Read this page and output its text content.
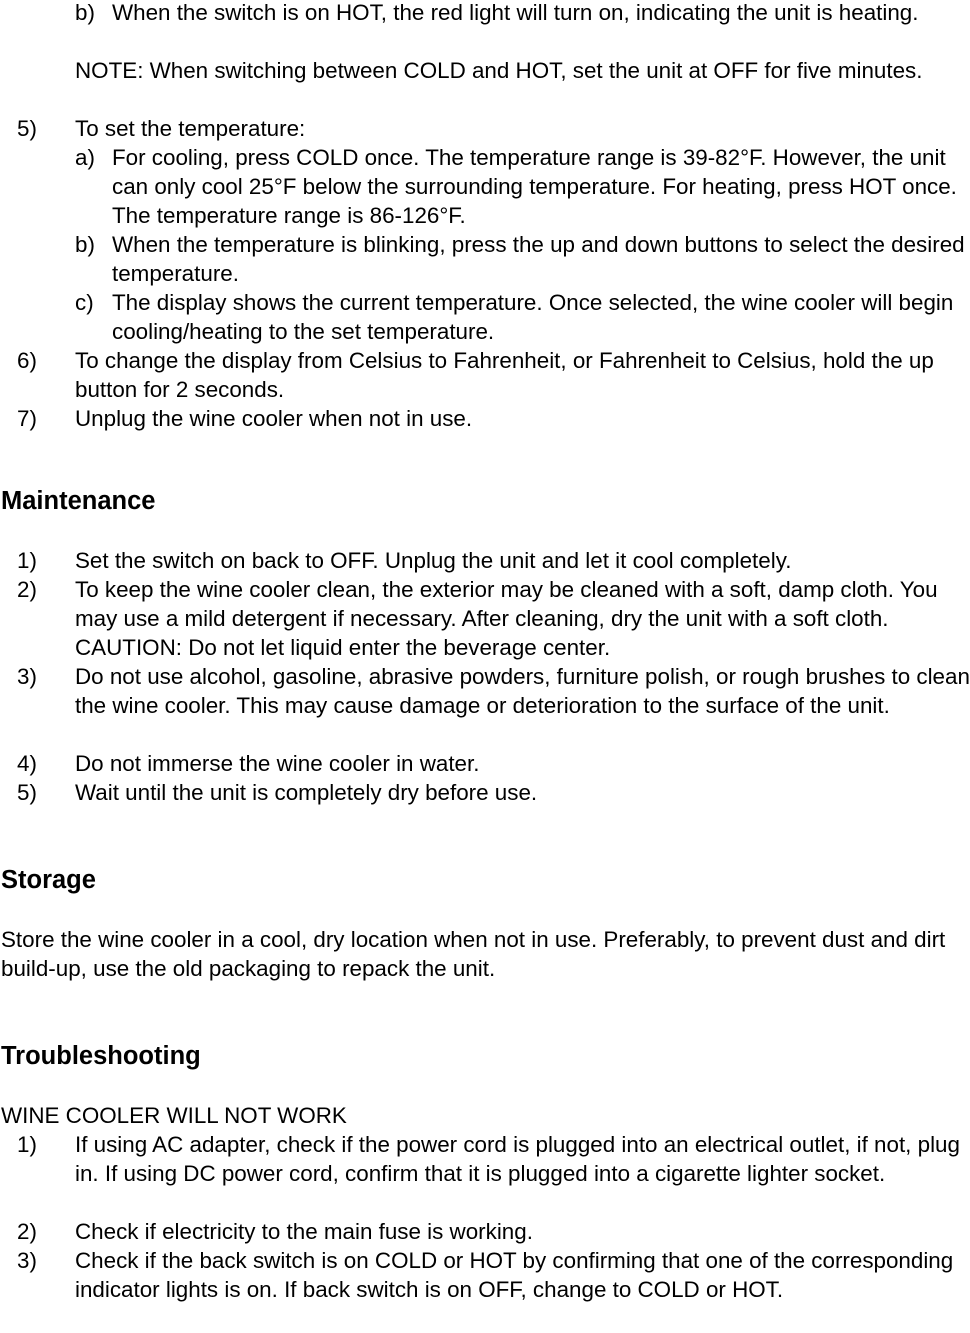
b) When the switch is on HOT, the red light will turn on, indicating the unit is heating.
NOTE: When switching between COLD and HOT, set the unit at OFF for five minutes.
5) To set the temperature:
a) For cooling, press COLD once. The temperature range is 39-82°F. However, the unit can only cool 25°F below the surrounding temperature. For heating, press HOT once. The temperature range is 86-126°F.
b) When the temperature is blinking, press the up and down buttons to select the desired temperature.
c) The display shows the current temperature. Once selected, the wine cooler will begin cooling/heating to the set temperature.
6) To change the display from Celsius to Fahrenheit, or Fahrenheit to Celsius, hold the up button for 2 seconds.
7) Unplug the wine cooler when not in use.
Maintenance
1) Set the switch on back to OFF. Unplug the unit and let it cool completely.
2) To keep the wine cooler clean, the exterior may be cleaned with a soft, damp cloth. You may use a mild detergent if necessary. After cleaning, dry the unit with a soft cloth. CAUTION: Do not let liquid enter the beverage center.
3) Do not use alcohol, gasoline, abrasive powders, furniture polish, or rough brushes to clean the wine cooler. This may cause damage or deterioration to the surface of the unit.
4) Do not immerse the wine cooler in water.
5) Wait until the unit is completely dry before use.
Storage
Store the wine cooler in a cool, dry location when not in use. Preferably, to prevent dust and dirt build-up, use the old packaging to repack the unit.
Troubleshooting
WINE COOLER WILL NOT WORK
1) If using AC adapter, check if the power cord is plugged into an electrical outlet, if not, plug in. If using DC power cord, confirm that it is plugged into a cigarette lighter socket.
2) Check if electricity to the main fuse is working.
3) Check if the back switch is on COLD or HOT by confirming that one of the corresponding indicator lights is on. If back switch is on OFF, change to COLD or HOT.
